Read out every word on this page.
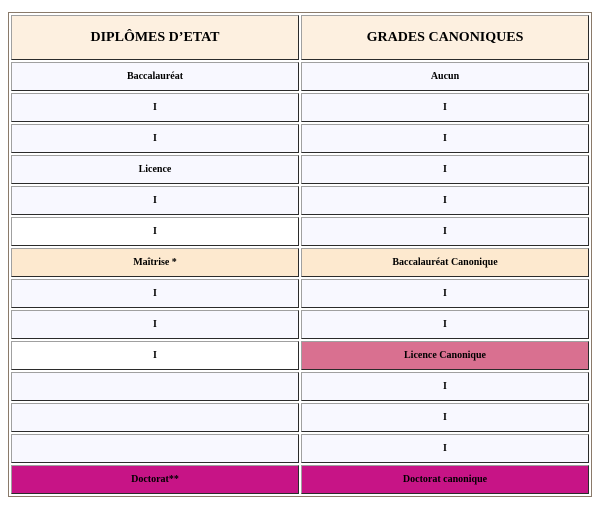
DIPLÔMES D’ETAT	GRADES CANONIQUES
Baccalauréat	Aucun
I	I
I	I
Licence	I
I	I
I	I
Maîtrise *	Baccalauréat Canonique
I	I
I	I
I	Licence Canonique
	I
	I
	I
Doctorat**	Doctorat canonique
